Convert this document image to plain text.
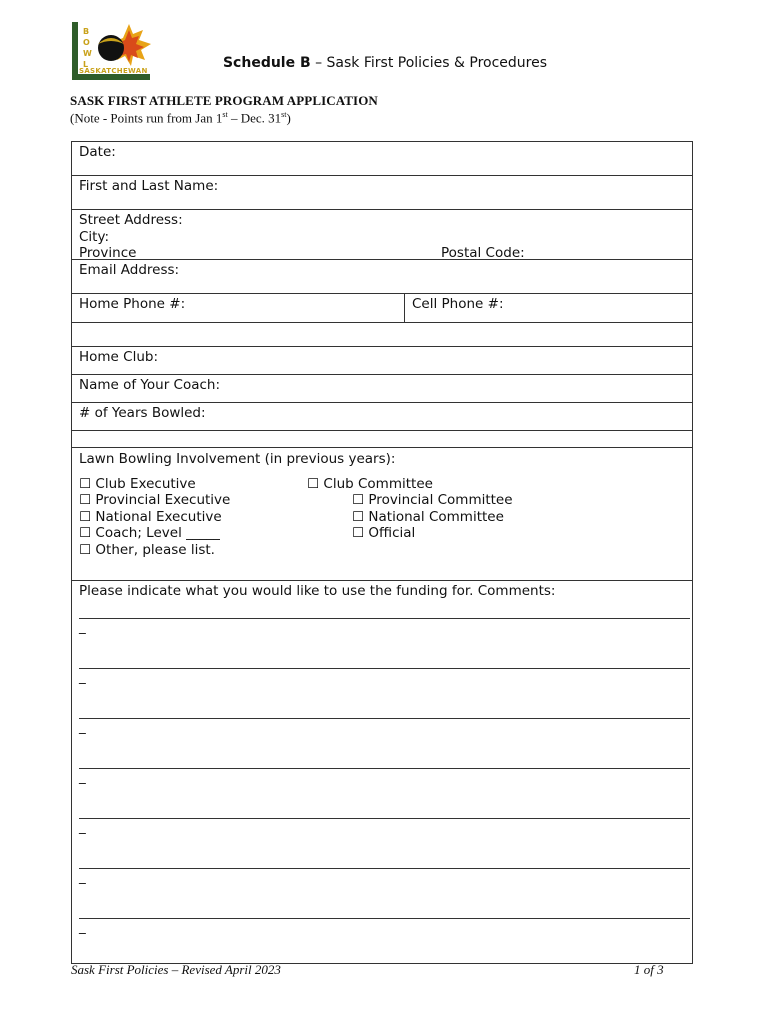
B
O
W
L
SASKATCHEWAN	Schedule B – Sask First Policies & Procedures
SASK FIRST ATHLETE PROGRAM APPLICATION
(Note - Points run from Jan 1st – Dec. 31st)
Date:
First and Last Name:
Street Address:
City:
Province	Postal Code:
Email Address:
Home Phone #:	Cell Phone #:
Home Club:
Name of Your Coach:
# of Years Bowled:
Lawn Bowling Involvement (in previous years):
☐ Club Executive
☐ Provincial Executive
☐ National Executive
☐ Coach; Level _____
☐ Other, please list.
☐ Club Committee
☐ Provincial Committee
☐ National Committee
☐ Official
Please indicate what you would like to use the funding for. Comments:
_
_
_
_
_
_
_
Sask First Policies – Revised April 2023	1 of 3
